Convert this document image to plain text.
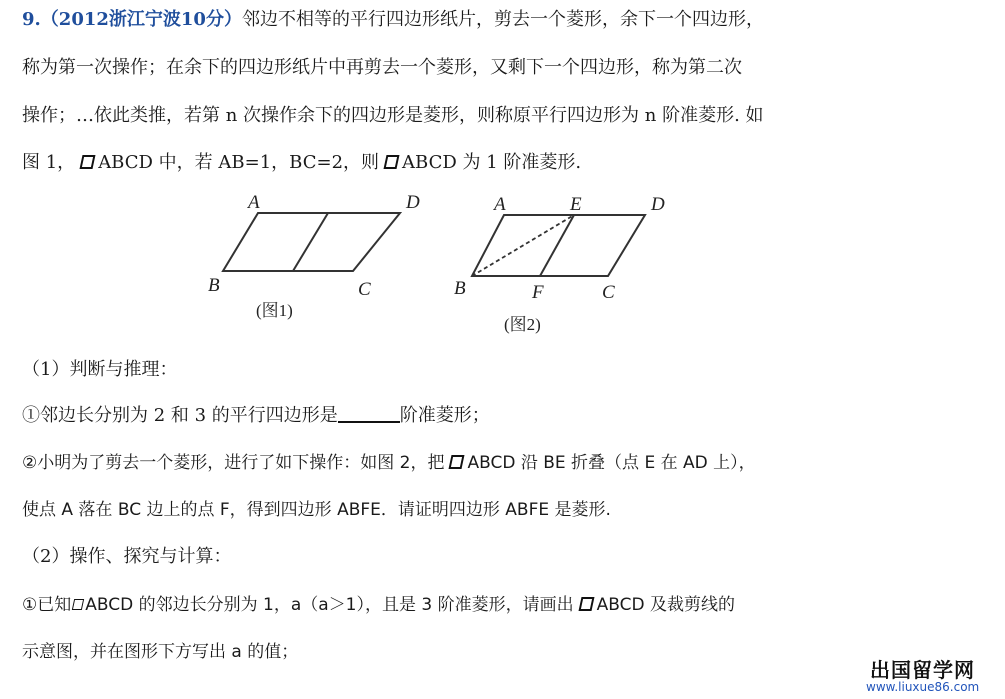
9.（2012浙江宁波10分）邻边不相等的平行四边形纸片，剪去一个菱形，余下一个四边形，
称为第一次操作；在余下的四边形纸片中再剪去一个菱形，又剩下一个四边形，称为第二次
操作；…依此类推，若第 n 次操作余下的四边形是菱形，则称原平行四边形为 n 阶准菱形. 如
图 1， ABCD 中，若 AB=1，BC=2，则 ABCD 为 1 阶准菱形.
A	D
B	C
(图1)
A	E	D
B	F	C
(图2)
（1）判断与推理：
①邻边长分别为 2 和 3 的平行四边形是	阶准菱形；
②小明为了剪去一个菱形，进行了如下操作：如图 2，把 ABCD 沿 BE 折叠（点 E 在 AD 上），
使点 A 落在 BC 边上的点 F，得到四边形 ABFE．请证明四边形 ABFE 是菱形.
（2）操作、探究与计算：
①已知 ABCD 的邻边长分别为 1，a（a＞1），且是 3 阶准菱形，请画出 ABCD 及裁剪线的
示意图，并在图形下方写出 a 的值；
出国留学网
www.liuxue86.com
